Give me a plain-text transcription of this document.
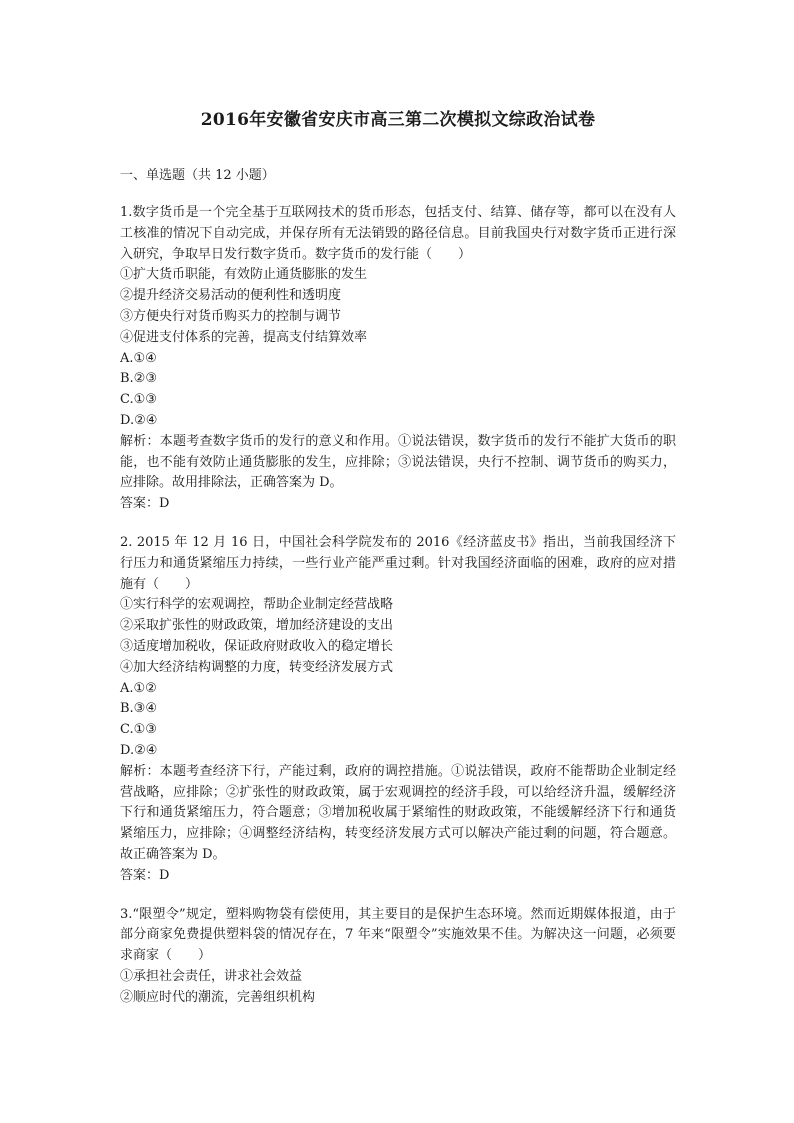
2016年安徽省安庆市高三第二次模拟文综政治试卷
一、单选题（共 12 小题）
1.数字货币是一个完全基于互联网技术的货币形态，包括支付、结算、储存等，都可以在没有人工核准的情况下自动完成，并保存所有无法销毁的路径信息。目前我国央行对数字货币正进行深入研究，争取早日发行数字货币。数字货币的发行能（　　）
①扩大货币职能，有效防止通货膨胀的发生
②提升经济交易活动的便利性和透明度
③方便央行对货币购买力的控制与调节
④促进支付体系的完善，提高支付结算效率
A.①④
B.②③
C.①③
D.②④
解析：本题考查数字货币的发行的意义和作用。①说法错误，数字货币的发行不能扩大货币的职能，也不能有效防止通货膨胀的发生，应排除；③说法错误，央行不控制、调节货币的购买力，应排除。故用排除法，正确答案为 D。
答案：D
2. 2015 年 12 月 16 日，中国社会科学院发布的 2016《经济蓝皮书》指出，当前我国经济下行压力和通货紧缩压力持续，一些行业产能严重过剩。针对我国经济面临的困难，政府的应对措施有（　　）
①实行科学的宏观调控，帮助企业制定经营战略
②采取扩张性的财政政策，增加经济建设的支出
③适度增加税收，保证政府财政收入的稳定增长
④加大经济结构调整的力度，转变经济发展方式
A.①②
B.③④
C.①③
D.②④
解析：本题考查经济下行，产能过剩，政府的调控措施。①说法错误，政府不能帮助企业制定经营战略，应排除；②扩张性的财政政策，属于宏观调控的经济手段，可以给经济升温，缓解经济下行和通货紧缩压力，符合题意；③增加税收属于紧缩性的财政政策，不能缓解经济下行和通货紧缩压力，应排除；④调整经济结构，转变经济发展方式可以解决产能过剩的问题，符合题意。故正确答案为 D。
答案：D
3.“限塑令”规定，塑料购物袋有偿使用，其主要目的是保护生态环境。然而近期媒体报道，由于部分商家免费提供塑料袋的情况存在，7 年来“限塑令”实施效果不佳。为解决这一问题，必须要求商家（　　）
①承担社会责任，讲求社会效益
②顺应时代的潮流，完善组织机构
